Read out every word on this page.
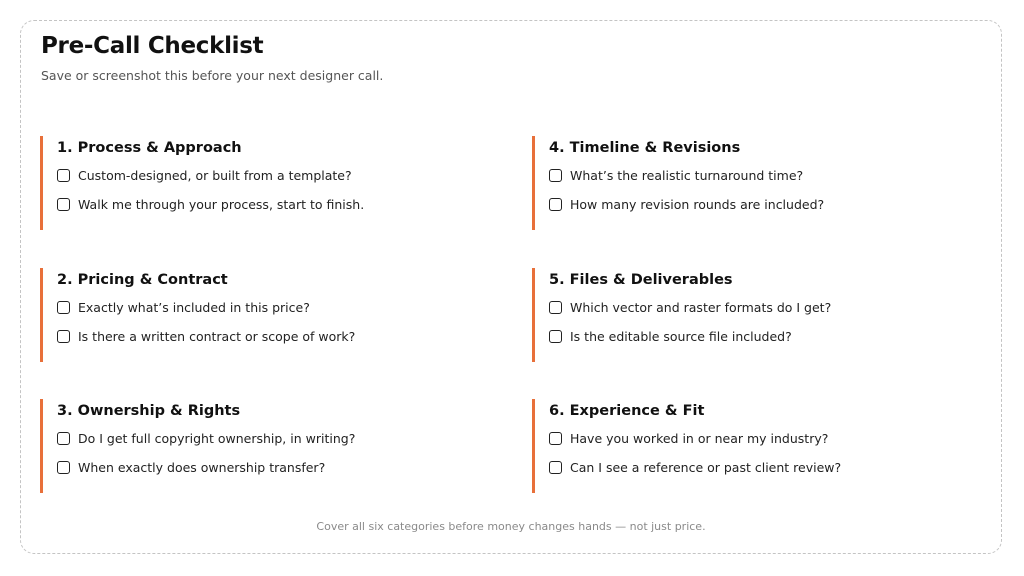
Pre-Call Checklist

Save or screenshot this before your next designer call.

1. Process & Approach
Custom-designed, or built from a template?
Walk me through your process, start to finish.
2. Pricing & Contract
Exactly what’s included in this price?
Is there a written contract or scope of work?
3. Ownership & Rights
Do I get full copyright ownership, in writing?
When exactly does ownership transfer?
4. Timeline & Revisions
What’s the realistic turnaround time?
How many revision rounds are included?
5. Files & Deliverables
Which vector and raster formats do I get?
Is the editable source file included?
6. Experience & Fit
Have you worked in or near my industry?
Can I see a reference or past client review?
Cover all six categories before money changes hands — not just price.
